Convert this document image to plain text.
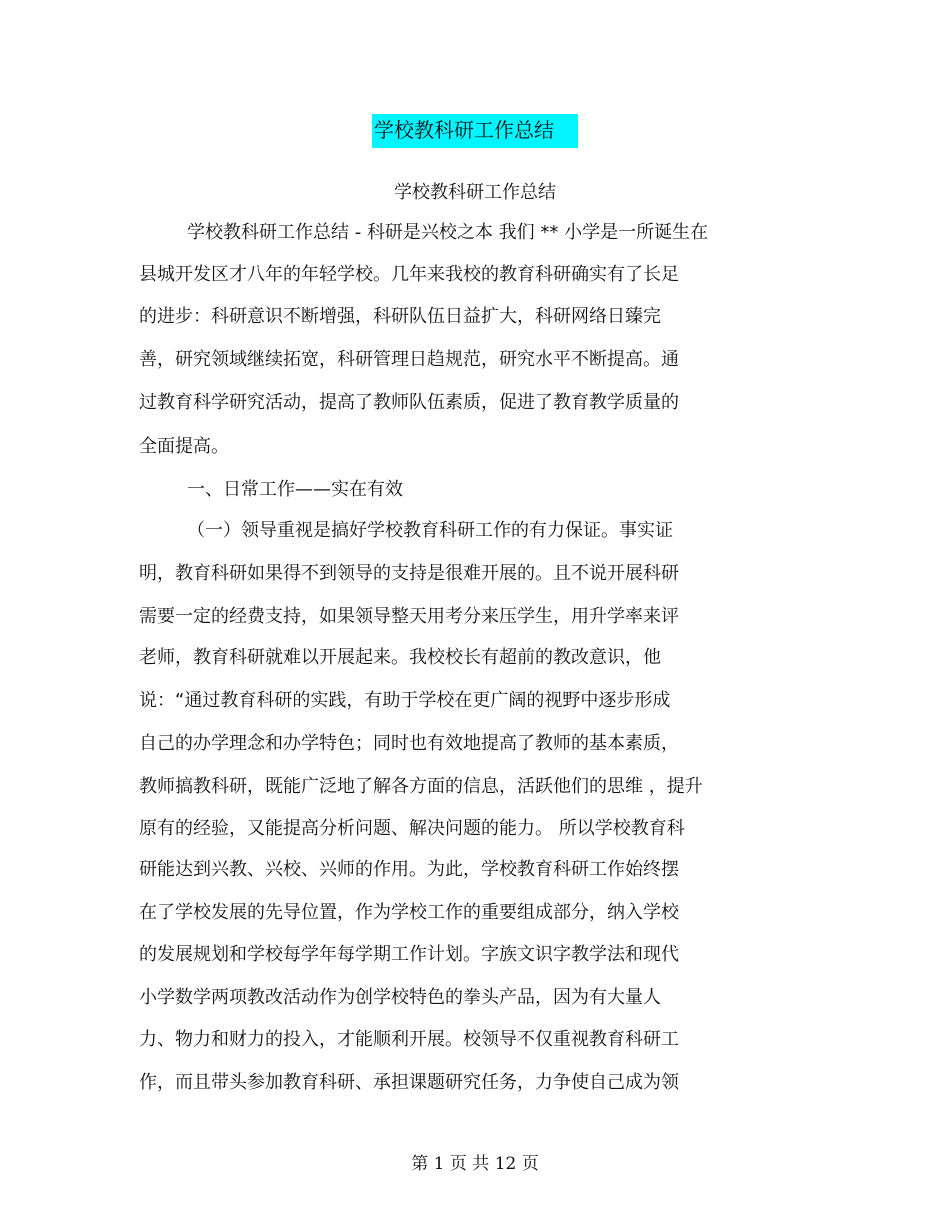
学校教科研工作总结
学校教科研工作总结
学校教科研工作总结 - 科研是兴校之本 我们 ** 小学是一所诞生在
县城开发区才八年的年轻学校。几年来我校的教育科研确实有了长足
的进步：科研意识不断增强，科研队伍日益扩大，科研网络日臻完
善，研究领域继续拓宽，科研管理日趋规范，研究水平不断提高。通
过教育科学研究活动，提高了教师队伍素质，促进了教育教学质量的
全面提高。
一、日常工作——实在有效
（一）领导重视是搞好学校教育科研工作的有力保证。事实证
明，教育科研如果得不到领导的支持是很难开展的。且不说开展科研
需要一定的经费支持，如果领导整天用考分来压学生，用升学率来评
老师，教育科研就难以开展起来。我校校长有超前的教改意识，他
说：“通过教育科研的实践，有助于学校在更广阔的视野中逐步形成
自己的办学理念和办学特色；同时也有效地提高了教师的基本素质，
教师搞教科研，既能广泛地了解各方面的信息，活跃他们的思维 ，提升
原有的经验，又能提高分析问题、解决问题的能力。 所以学校教育科
研能达到兴教、兴校、兴师的作用。为此，学校教育科研工作始终摆
在了学校发展的先导位置，作为学校工作的重要组成部分，纳入学校
的发展规划和学校每学年每学期工作计划。字族文识字教学法和现代
小学数学两项教改活动作为创学校特色的拳头产品，因为有大量人
力、物力和财力的投入，才能顺利开展。校领导不仅重视教育科研工
作，而且带头参加教育科研、承担课题研究任务，力争使自己成为领
第 1 页 共 12 页
